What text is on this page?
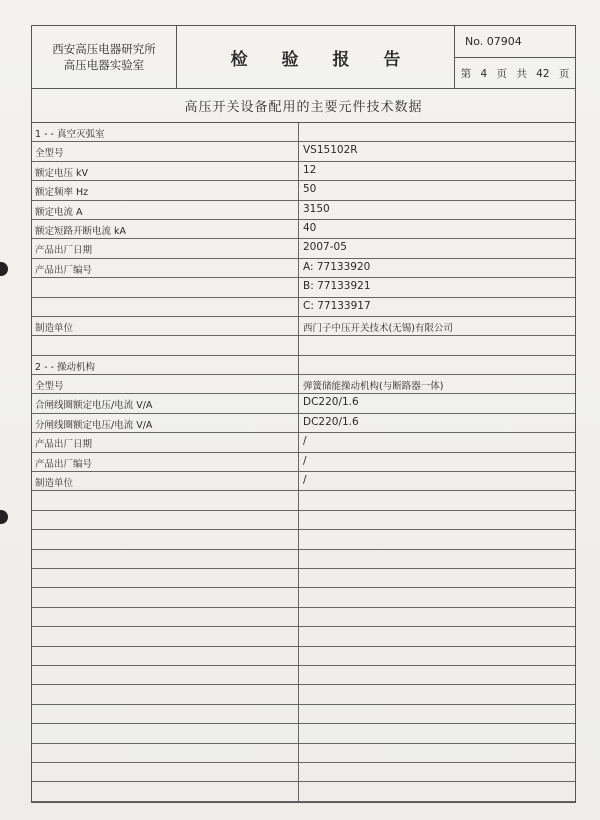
西安高压电器研究所
高压电器实验室	检 验 报 告
No. 07904
第 4 页 共 42 页
高压开关设备配用的主要元件技术数据
1 - - 真空灭弧室
全型号	VS15102R
额定电压 kV	12
额定频率 Hz	50
额定电流 A	3150
额定短路开断电流 kA	40
产品出厂日期	2007-05
产品出厂编号	A: 77133920
B: 77133921
C: 77133917
制造单位	西门子中压开关技术(无锡)有限公司
2 - - 操动机构
全型号	弹簧储能操动机构(与断路器一体)
合闸线圈额定电压/电流 V/A	DC220/1.6
分闸线圈额定电压/电流 V/A	DC220/1.6
产品出厂日期	/
产品出厂编号	/
制造单位	/
